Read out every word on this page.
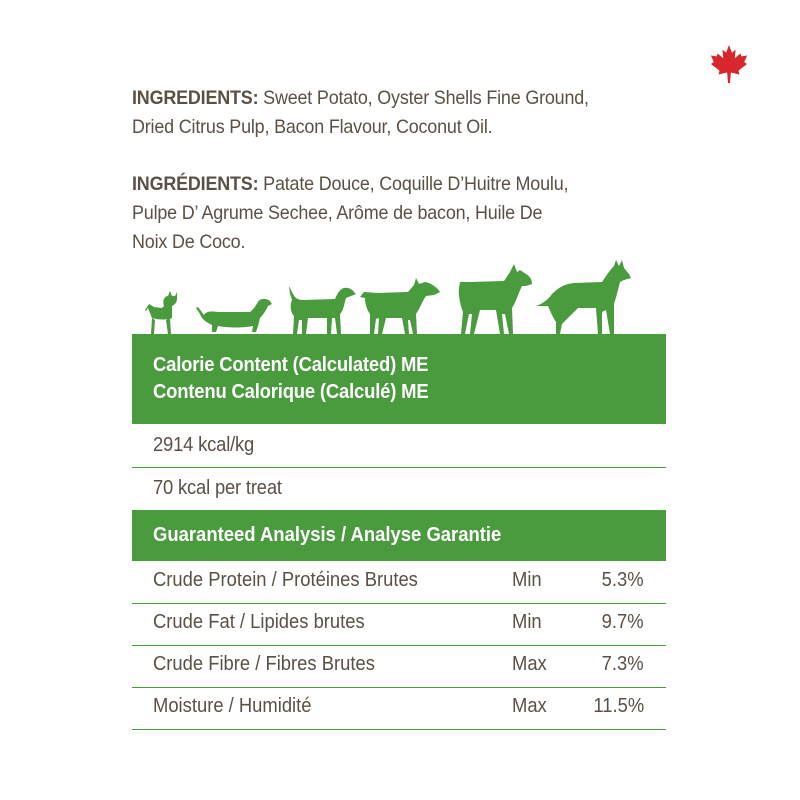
INGREDIENTS: Sweet Potato, Oyster Shells Fine Ground,
Dried Citrus Pulp, Bacon Flavour, Coconut Oil.
INGRÉDIENTS: Patate Douce, Coquille D’Huitre Moulu,
Pulpe D’ Agrume Sechee, Arôme de bacon, Huile De
Noix De Coco.
Calorie Content (Calculated) ME
Contenu Calorique (Calculé) ME
2914 kcal/kg
70 kcal per treat
Guaranteed Analysis / Analyse Garantie
Crude Protein / Protéines Brutes	Min	5.3%
Crude Fat / Lipides brutes	Min	9.7%
Crude Fibre / Fibres Brutes	Max	7.3%
Moisture / Humidité	Max 11.5%
